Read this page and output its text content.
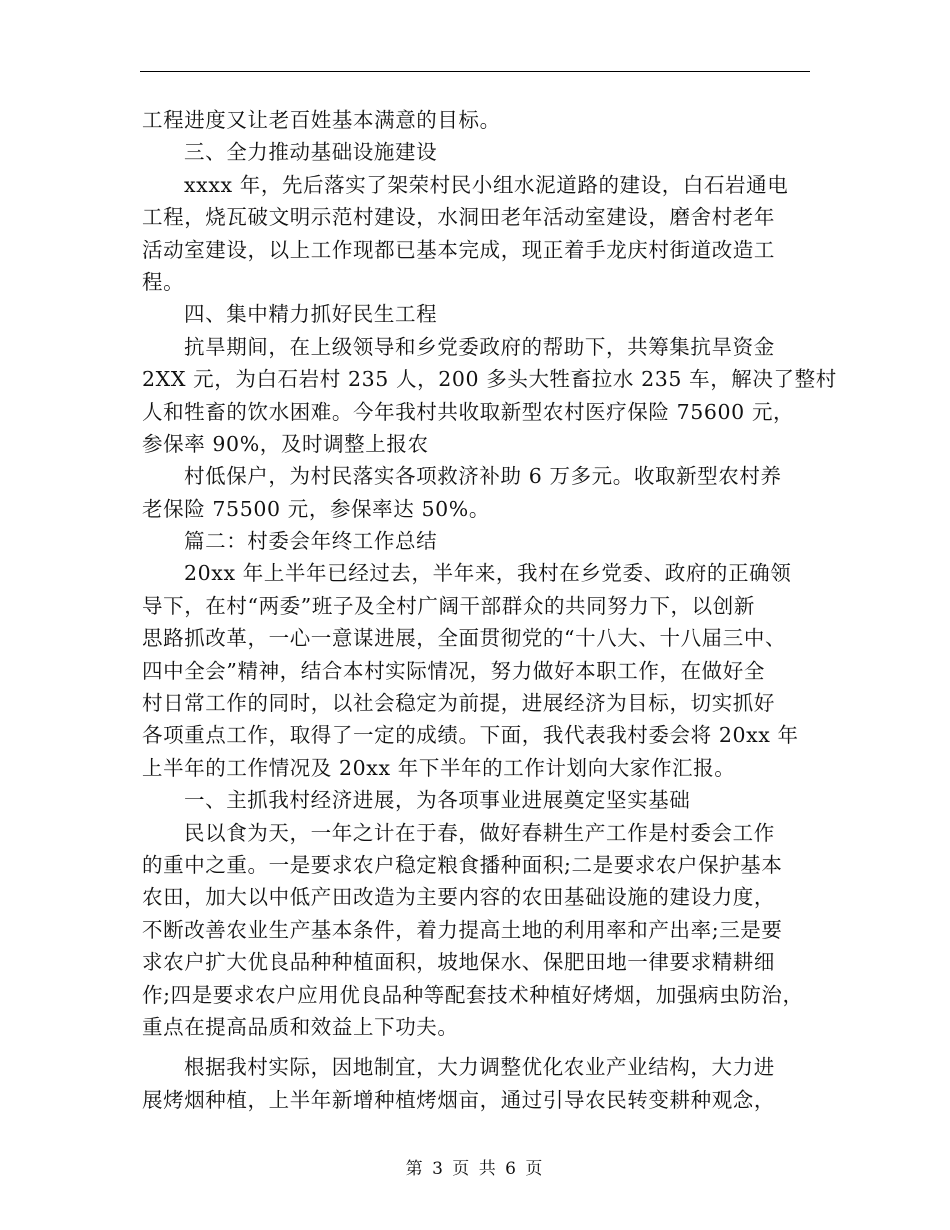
工程进度又让老百姓基本满意的目标。
三、全力推动基础设施建设
xxxx 年，先后落实了架荣村民小组水泥道路的建设，白石岩通电
工程，烧瓦破文明示范村建设，水洞田老年活动室建设，磨舍村老年
活动室建设，以上工作现都已基本完成，现正着手龙庆村街道改造工
程。
四、集中精力抓好民生工程
抗旱期间，在上级领导和乡党委政府的帮助下，共筹集抗旱资金
2XX 元，为白石岩村 235 人，200 多头大牲畜拉水 235 车，解决了整村
人和牲畜的饮水困难。今年我村共收取新型农村医疗保险 75600 元，
参保率 90%，及时调整上报农
村低保户，为村民落实各项救济补助 6 万多元。收取新型农村养
老保险 75500 元，参保率达 50%。
篇二：村委会年终工作总结
20xx 年上半年已经过去，半年来，我村在乡党委、政府的正确领
导下，在村“两委”班子及全村广阔干部群众的共同努力下，以创新
思路抓改革，一心一意谋进展，全面贯彻党的“十八大、十八届三中、
四中全会”精神，结合本村实际情况，努力做好本职工作，在做好全
村日常工作的同时，以社会稳定为前提，进展经济为目标，切实抓好
各项重点工作，取得了一定的成绩。下面，我代表我村委会将 20xx 年
上半年的工作情况及 20xx 年下半年的工作计划向大家作汇报。
一、主抓我村经济进展，为各项事业进展奠定坚实基础
民以食为天，一年之计在于春，做好春耕生产工作是村委会工作
的重中之重。一是要求农户稳定粮食播种面积;二是要求农户保护基本
农田，加大以中低产田改造为主要内容的农田基础设施的建设力度，
不断改善农业生产基本条件，着力提高土地的利用率和产出率;三是要
求农户扩大优良品种种植面积，坡地保水、保肥田地一律要求精耕细
作;四是要求农户应用优良品种等配套技术种植好烤烟，加强病虫防治，
重点在提高品质和效益上下功夫。
根据我村实际，因地制宜，大力调整优化农业产业结构，大力进
展烤烟种植，上半年新增种植烤烟亩，通过引导农民转变耕种观念，
第 3 页 共 6 页
